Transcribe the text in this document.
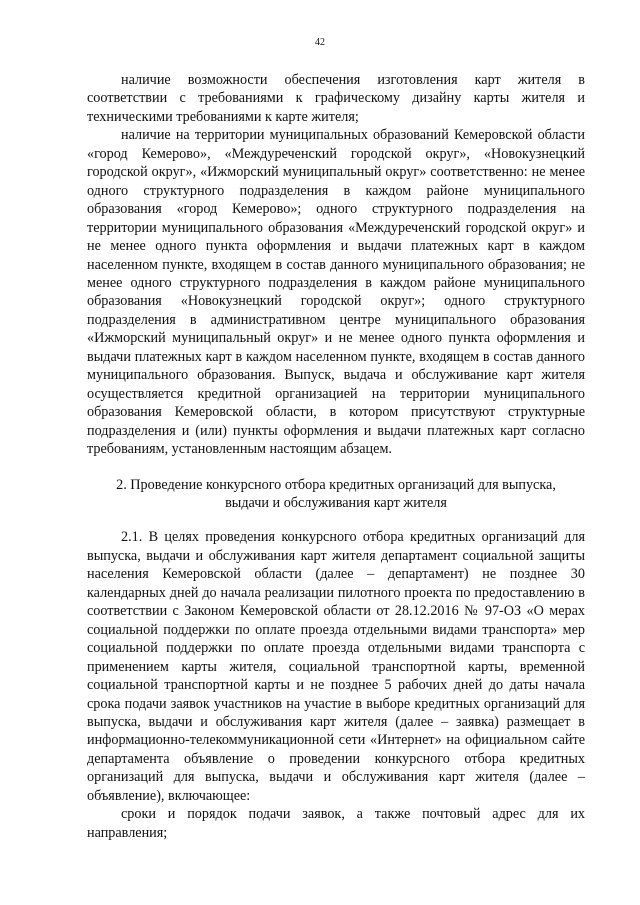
42

наличие возможности обеспечения изготовления карт жителя в соответствии с требованиями к графическому дизайну карты жителя и техническими требованиями к карте жителя;

наличие на территории муниципальных образований Кемеровской области «город Кемерово», «Междуреченский городской округ», «Новокузнецкий городской округ», «Ижморский муниципальный округ» соответственно: не менее одного структурного подразделения в каждом районе муниципального образования «город Кемерово»; одного структурного подразделения на территории муниципального образования «Междуреченский городской округ» и не менее одного пункта оформления и выдачи платежных карт в каждом населенном пункте, входящем в состав данного муниципального образования; не менее одного структурного подразделения в каждом районе муниципального образования «Новокузнецкий городской округ»; одного структурного подразделения в административном центре муниципального образования «Ижморский муниципальный округ» и не менее одного пункта оформления и выдачи платежных карт в каждом населенном пункте, входящем в состав данного муниципального образования. Выпуск, выдача и обслуживание карт жителя осуществляется кредитной организацией на территории муниципального образования Кемеровской области, в котором присутствуют структурные подразделения и (или) пункты оформления и выдачи платежных карт согласно требованиям, установленным настоящим абзацем.

2. Проведение конкурсного отбора кредитных организаций для выпуска,
выдачи и обслуживания карт жителя

2.1. В целях проведения конкурсного отбора кредитных организаций для выпуска, выдачи и обслуживания карт жителя департамент социальной защиты населения Кемеровской области (далее – департамент) не позднее 30 календарных дней до начала реализации пилотного проекта по предоставлению в соответствии с Законом Кемеровской области от 28.12.2016 № 97-ОЗ «О мерах социальной поддержки по оплате проезда отдельными видами транспорта» мер социальной поддержки по оплате проезда отдельными видами транспорта с применением карты жителя, социальной транспортной карты, временной социальной транспортной карты и не позднее 5 рабочих дней до даты начала срока подачи заявок участников на участие в выборе кредитных организаций для выпуска, выдачи и обслуживания карт жителя (далее – заявка) размещает в информационно-телекоммуникационной сети «Интернет» на официальном сайте департамента объявление о проведении конкурсного отбора кредитных организаций для выпуска, выдачи и обслуживания карт жителя (далее – объявление), включающее:

сроки и порядок подачи заявок, а также почтовый адрес для их направления;
